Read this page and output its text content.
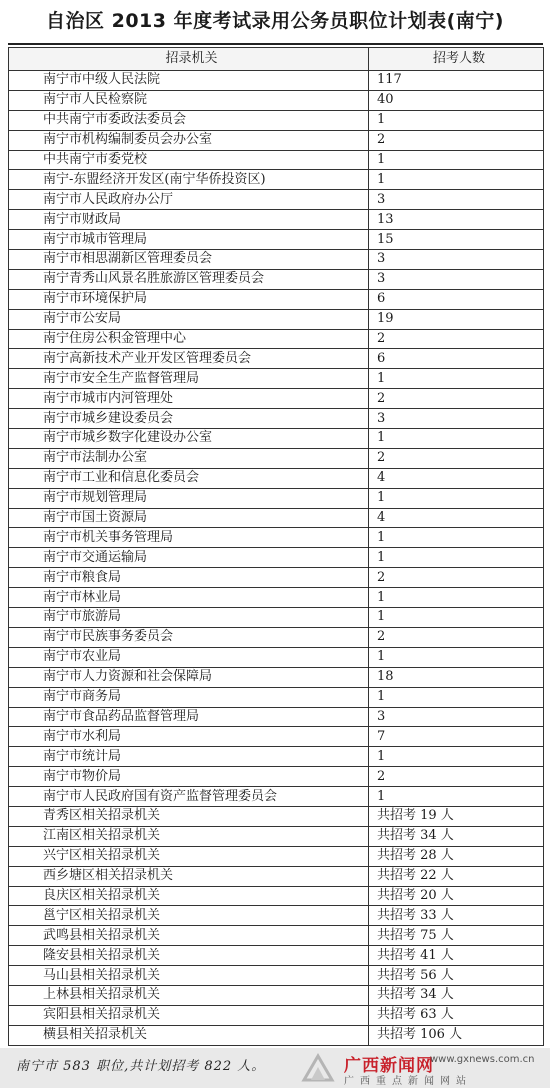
自治区 2013 年度考试录用公务员职位计划表(南宁)
招录机关	招考人数
南宁市中级人民法院	117
南宁市人民检察院	40
中共南宁市委政法委员会	1
南宁市机构编制委员会办公室	2
中共南宁市委党校	1
南宁-东盟经济开发区(南宁华侨投资区)	1
南宁市人民政府办公厅	3
南宁市财政局	13
南宁市城市管理局	15
南宁市相思湖新区管理委员会	3
南宁青秀山风景名胜旅游区管理委员会	3
南宁市环境保护局	6
南宁市公安局	19
南宁住房公积金管理中心	2
南宁高新技术产业开发区管理委员会	6
南宁市安全生产监督管理局	1
南宁市城市内河管理处	2
南宁市城乡建设委员会	3
南宁市城乡数字化建设办公室	1
南宁市法制办公室	2
南宁市工业和信息化委员会	4
南宁市规划管理局	1
南宁市国土资源局	4
南宁市机关事务管理局	1
南宁市交通运输局	1
南宁市粮食局	2
南宁市林业局	1
南宁市旅游局	1
南宁市民族事务委员会	2
南宁市农业局	1
南宁市人力资源和社会保障局	18
南宁市商务局	1
南宁市食品药品监督管理局	3
南宁市水利局	7
南宁市统计局	1
南宁市物价局	2
南宁市人民政府国有资产监督管理委员会	1
青秀区相关招录机关	共招考 19 人
江南区相关招录机关	共招考 34 人
兴宁区相关招录机关	共招考 28 人
西乡塘区相关招录机关	共招考 22 人
良庆区相关招录机关	共招考 20 人
邕宁区相关招录机关	共招考 33 人
武鸣县相关招录机关	共招考 75 人
隆安县相关招录机关	共招考 41 人
马山县相关招录机关	共招考 56 人
上林县相关招录机关	共招考 34 人
宾阳县相关招录机关	共招考 63 人
横县相关招录机关	共招考 106 人
南宁市 583 职位,共计划招考 822 人。	广西新闻网
www.gxnews.com.cn
广西重点新闻网站
